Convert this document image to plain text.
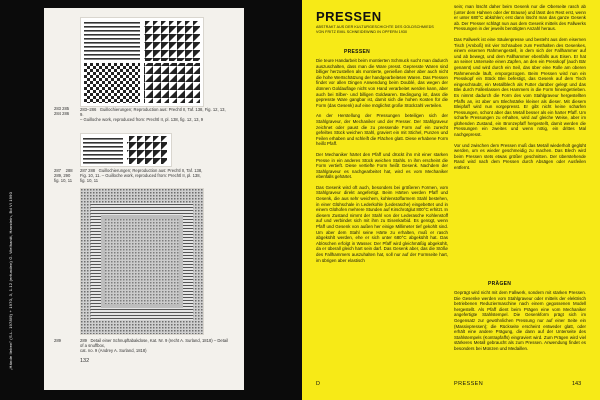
„Hände lieben" (S.L. 1978/9) + 1970, 3, 1.12 (erfunden) G. Welhardt, Hanstein, Bd Vl 1990
283 285
284 286
283–286   Guillochierungen; Reproduction aus: Prechtl II, Taf. 138, Fig. 12, 13, 9.
– Guilloche work, reproduced from: Prechtl II, pl. 138, fig. 12, 13, 9
287    288
289, 290
fig. 10, 11
287 288   Guillochierungen; Reproduction aus: Prechtl II, Taf. 138,
Fig. 10, 11. – Guilloche work, reproduced from: Prechtl II, pl. 138,
fig. 10, 11
289	289   Detail einer Schnupftabakdose, Kat. Nr. 9 (recht A. Surland, 1818) – Detail of a snuffbox,
cat. no. 9 (Andrey A. Surland, 1818)
132
PRESSEN
ABSTRAKT AUS DER KULTURGESCHICHTE DES GOLDSCHMIEDS
VON FRITZ EMIL SCHNEIDEWIND IN OPFERN 1930
PRESSEN

Die teure Handarbeit beim montierten Schmuck sucht man dadurch auszuschalten, dass man die Ware presst. Gepresste Waren sind billiger herzustellen als montierte, genießen daher aber auch nicht die hohe Wertschätzung der handgearbeiteten Waren. Das Pressen findet vor allen Dingen Anwendung beim Doublé, das wegen der dünnen Goldauflage nicht von Hand verarbeitet werden kann, aber auch bei Silber- und billigen Goldwaren. Bedingung ist, dass die gepresste Ware gangbar ist, damit sich die hohen Kosten für die Form (das Gesenk) auf eine möglichst große Stückzahl verteilen.

An der Herstellung der Pressungen beteiligen sich der Stahlgraveur, der Mechaniker und der Presser. Der Stahlgraveur zeichnet oder paust die zu pressende Form auf ein zurecht gefeiltes Stück weichen Stahl, graviert ein mit Stichel, Punzen und Feilen erhaben und schleift die Flächen glatt. Diese erhabene Form heißt Pfaff.

Der Mechaniker härtet den Pfaff und drückt ihn mit einer starken Presse in ein anderes Stück weichen Stahls. In ihm erscheint die Form vertieft. Diese vertiefte Form heißt Gesenk. Nachdem der Stahlgraveur es nachgearbeitet hat, wird es vom Mechaniker ebenfalls gehärtet.

Das Gesenk wird oft auch, besonders bei größeren Formen, vom Stahlgraveur direkt angefertigt. Beim Härten werden Pfaff und Gesenk, die aus sehr weichem, kohlenstoffarmem Stahl bestehen, in einer Glühschale in Lederkohle (Lederasche) eingebettet und in einem Glühofen mehrere Stunden auf Kirschrotglut 800°C erhitzt. In diesem Zustand nimmt der Stahl von der Lederasche Kohlenstoff auf und verbindet sich mit ihm zu Eisenkarbid. Es genügt, wenn Pfaff und Gesenk von außen her einige Millimeter tief gekohlt sind. Um aber dem Stahl seine Härte zu erhalten, muß er rasch abgekühlt werden, ehe er sich unter 680°C abgekühlt hat. Das Ablöschen erfolgt in Wasser. Der Pfaff wird gleichmäßig abgekühlt, da er überall gleich hart sein darf. Das Gesenk aber, das die Stöße des Fallhammers auszuhalten hat, soll nur auf der Formseite hart, im übrigen aber elastisch

sein; man löscht daher beim Gesenk nur die Oberseite rasch ab (unter dem Hahnen oder der Brause) und lässt den Rest erst, wenn er unter 680°C abkühlen; erst dann löscht man das ganze Gesenk ab. Der Presser schlägt nun aus dem Gesenk mittels des Fallwerks Pressungen in der jeweils benötigten Anzahl heraus.

Das Fallwerk ist eine Säulenpresse und besteht aus dem eisernen Tisch (Amboß) mit vier Schrauben zum Festhalten des Gesenkes, einem eisernen Rahmengestell, in dem sich der Fallhammer auf und ab bewegt, und dem Fallhammer ebenfalls aus Eisen. Er hat an seiner Unterseite einen Zapfen, an den ein Presskopf (auch Bär genannt) und wird durch ein Seil, das über eine Rolle am oberen Rahmenende läuft, emporgezogen. Beim Pressen wird nun ein Presskopf ein Stück Blei befestigt, das Gesenk auf dem Tisch eingeschraubt, ein Metallblech als Futter darüber gelegt und das Blei durch Fallenlassen des Hammers in die Form hineingetrieben. Es nimmt dadurch die Form des vom Stahlgraveur hergestellten Pfaffs an, ist aber um Blechstärke kleiner als dieser. Mit diesem Bleipfaff wird nun vorgepresst. Er gibt nicht keine scharfen Pressungen, schont aber das Metall besser als ein harter Pfaff. Um scharfe Pressungen zu erhalten, wird auf gleiche Weise, aber im glühenden Zustand, ein Bronzepfaff hergestellt, damit werden die Pressungen ein zweites und wenn nötig, ein drittes Mal nachgepresst.

Vor und zwischen dem Pressen muß das Metall wiederholt geglüht werden, um es wieder geschmeidig zu machen. Das Blech wird beim Pressen stets etwas größer geschnitten. Der überstehende Rand wird nach dem Pressen durch Absägen oder Ausfeilen entfernt.

PRÄGEN

Geprägt wird nicht mit dem Fallwerk, sondern mit starken Pressen. Die Gesenke werden vom Stahlgraveur oder mittels der elektrisch betriebenen Reduziermaschine nach einem gegossenen Modell hergestellt. Als Pfaff dient beim Prägen eine vom Mechaniker angefertigte Stahlstempel. Die Gesenkform prägt sich im Gegensatz zur gewöhnlichen Pressung nur auf einer Seite ein (Massivpressen); die Rückseite erscheint entweder glatt, oder erhält eine andere Prägung, die dann auf der Unterseite des Stahlstempels (Kontrapfaffs) eingraviert wird. Zum Prägen wird viel stärkeres Metall gebraucht als zum Pressen. Anwendung findet es besonders bei Münzen und Medaillen.

D	PRESSEN	143
